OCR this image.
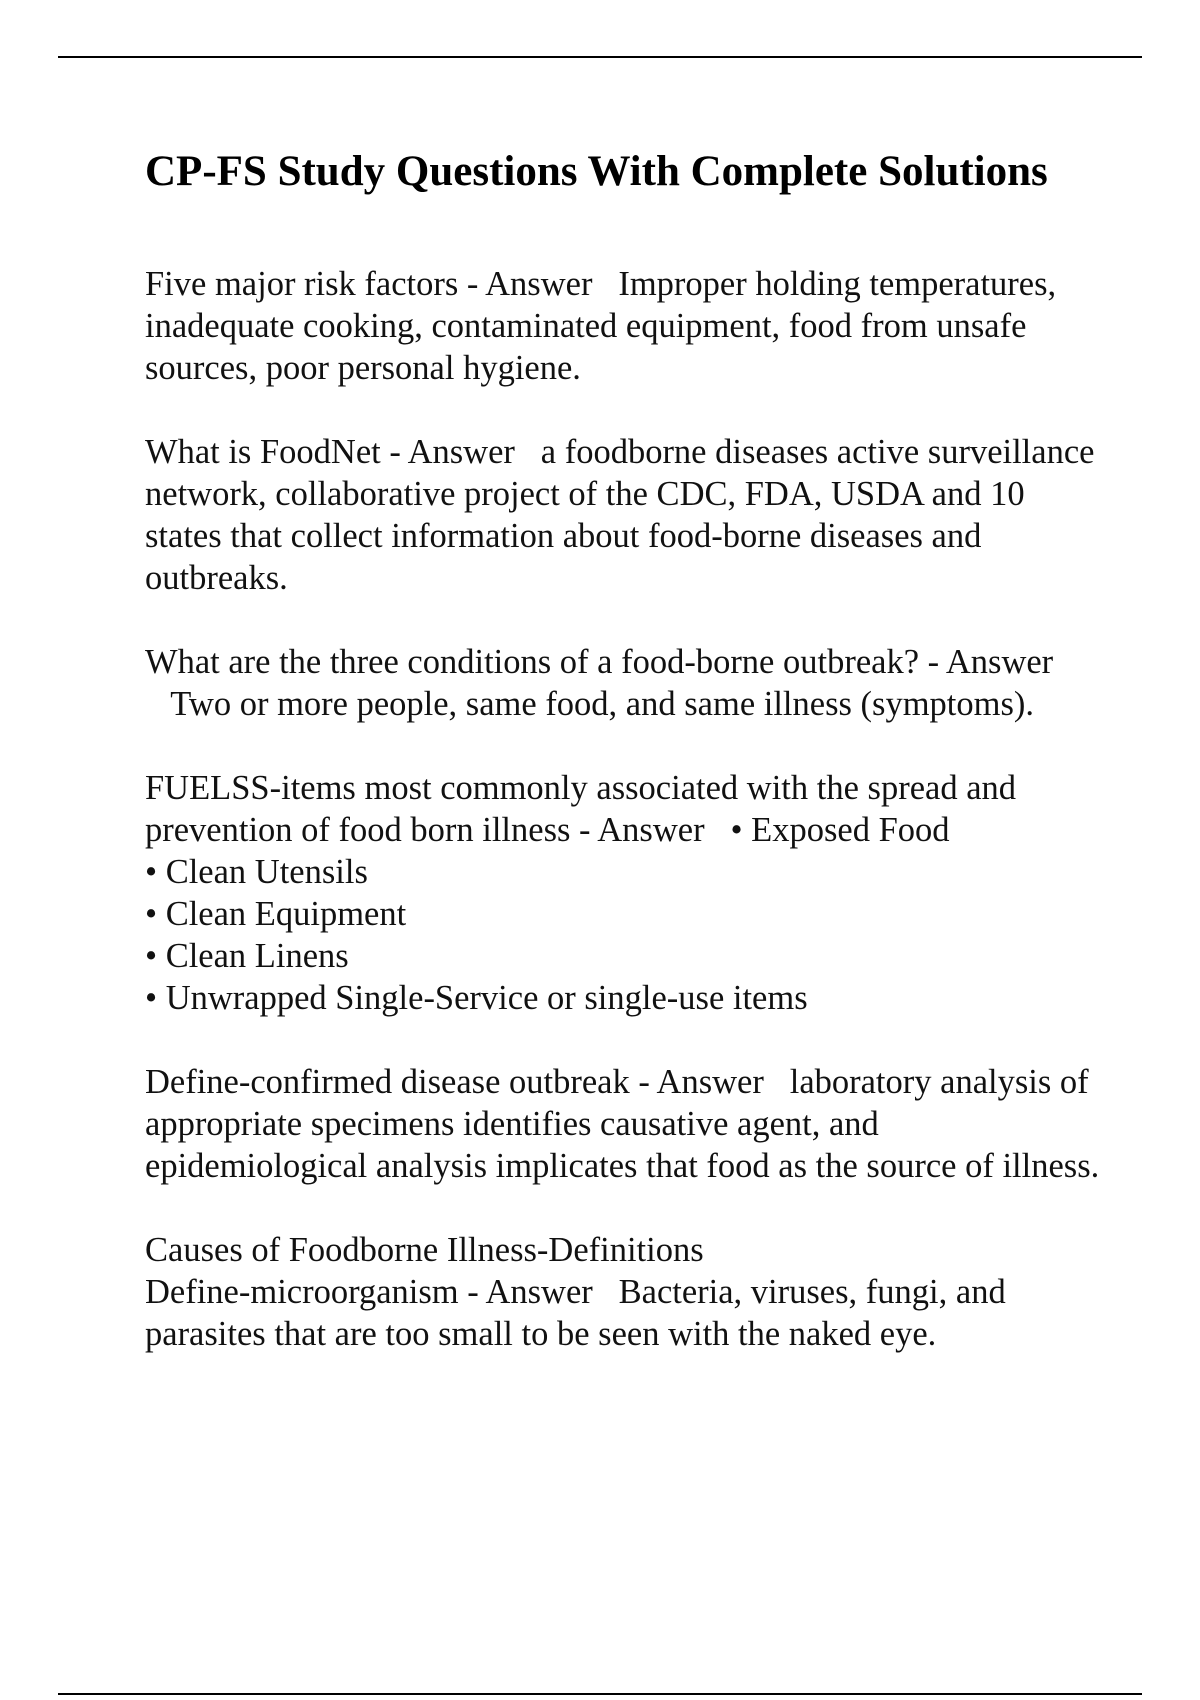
CP-FS Study Questions With Complete Solutions

Five major risk factors - Answer Improper holding temperatures, inadequate cooking, contaminated equipment, food from unsafe sources, poor personal hygiene.

What is FoodNet - Answer a foodborne diseases active surveillance network, collaborative project of the CDC, FDA, USDA and 10 states that collect information about food-borne diseases and outbreaks.

What are the three conditions of a food-borne outbreak? - Answer   Two or more people, same food, and same illness (symptoms).

FUELSS-items most commonly associated with the spread and prevention of food born illness - Answer • Exposed Food
• Clean Utensils
• Clean Equipment
• Clean Linens
• Unwrapped Single-Service or single-use items

Define-confirmed disease outbreak - Answer laboratory analysis of appropriate specimens identifies causative agent, and epidemiological analysis implicates that food as the source of illness.

Causes of Foodborne Illness-Definitions
Define-microorganism - Answer Bacteria, viruses, fungi, and parasites that are too small to be seen with the naked eye.
